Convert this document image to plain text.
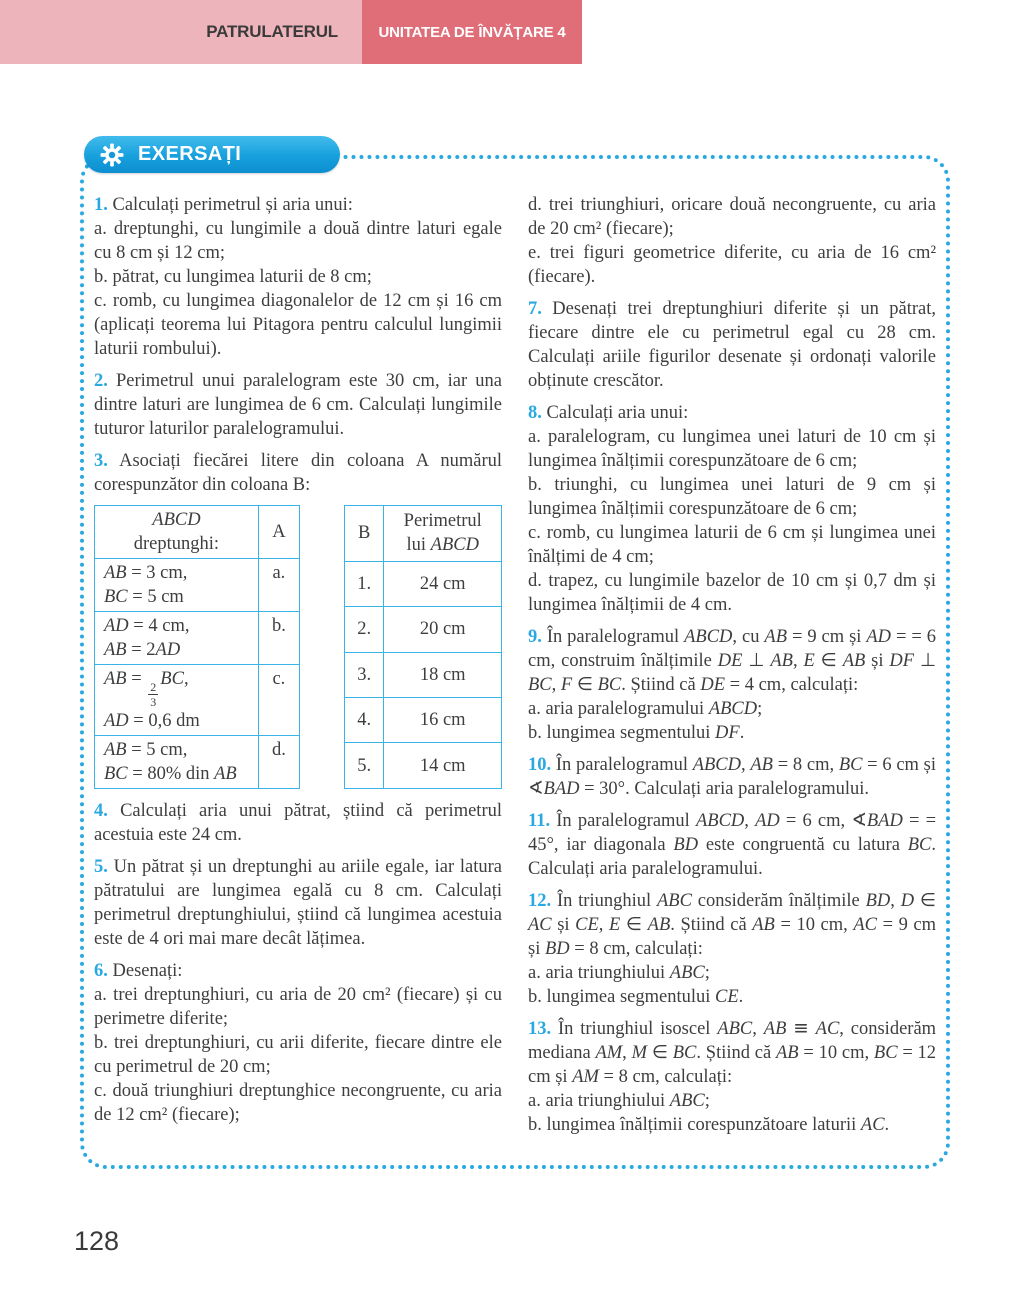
PATRULATERUL	UNITATEA DE ÎNVĂȚARE 4
EXERSAȚI

1. Calculați perimetrul și aria unui:

a. dreptunghi, cu lungimile a două dintre laturi egale cu 8 cm și 12 cm;

b. pătrat, cu lungimea laturii de 8 cm;

c. romb, cu lungimea diagonalelor de 12 cm și 16 cm (aplicați teorema lui Pitagora pentru calculul lungimii laturii rombului).

2. Perimetrul unui paralelogram este 30 cm, iar una dintre laturi are lungimea de 6 cm. Calculați lungimile tuturor laturilor paralelogramului.

3. Asociați fiecărei litere din coloana A numărul corespunzător din coloana B:

ABCD
dreptunghi:	A
AB = 3 cm,
BC = 5 cm	a.
AD = 4 cm,
AB = 2AD	b.
AB =
$\frac{2}{3}$
BC,
AD = 0,6 dm	c.
AB = 5 cm,
BC = 80% din AB	d.
B	Perimetrul
lui ABCD
1.	24 cm
2.	20 cm
3.	18 cm
4.	16 cm
5.	14 cm

4. Calculați aria unui pătrat, știind că perimetrul acestuia este 24 cm.

5. Un pătrat și un dreptunghi au ariile egale, iar latura pătratului are lungimea egală cu 8 cm. Calculați perimetrul dreptunghiului, știind că lungimea acestuia este de 4 ori mai mare decât lățimea.

6. Desenați:

a. trei dreptunghiuri, cu aria de 20 cm² (fiecare) și cu perimetre diferite;

b. trei dreptunghiuri, cu arii diferite, fiecare dintre ele cu perimetrul de 20 cm;

c. două triunghiuri dreptunghice necongruente, cu aria de 12 cm² (fiecare);

d. trei triunghiuri, oricare două necongruente, cu aria de 20 cm² (fiecare);

e. trei figuri geometrice diferite, cu aria de 16 cm² (fiecare).

7. Desenați trei dreptunghiuri diferite și un pătrat, fiecare dintre ele cu perimetrul egal cu 28 cm. Calculați ariile figurilor desenate și ordonați valorile obținute crescător.

8. Calculați aria unui:

a. paralelogram, cu lungimea unei laturi de 10 cm și lungimea înălțimii corespunzătoare de 6 cm;

b. triunghi, cu lungimea unei laturi de 9 cm și lungimea înălțimii corespunzătoare de 6 cm;

c. romb, cu lungimea laturii de 6 cm și lungimea unei înălțimi de 4 cm;

d. trapez, cu lungimile bazelor de 10 cm și 0,7 dm și lungimea înălțimii de 4 cm.

9. În paralelogramul ABCD, cu AB = 9 cm și AD = = 6 cm, construim înălțimile DE ⊥ AB, E ∈ AB și DF ⊥ BC, F ∈ BC. Știind că DE = 4 cm, calculați:

a. aria paralelogramului ABCD;

b. lungimea segmentului DF.

10. În paralelogramul ABCD, AB = 8 cm, BC = 6 cm și ∢BAD = 30°. Calculați aria paralelogramului.

11. În paralelogramul ABCD, AD = 6 cm, ∢BAD = = 45°, iar diagonala BD este congruentă cu latura BC. Calculați aria paralelogramului.

12. În triunghiul ABC considerăm înălțimile BD, D ∈ AC și CE, E ∈ AB. Știind că AB = 10 cm, AC = 9 cm și BD = 8 cm, calculați:

a. aria triunghiului ABC;

b. lungimea segmentului CE.

13. În triunghiul isoscel ABC, AB ≡ AC, considerăm mediana AM, M ∈ BC. Știind că AB = 10 cm, BC = 12 cm și AM = 8 cm, calculați:

a. aria triunghiului ABC;

b. lungimea înălțimii corespunzătoare laturii AC.

128
